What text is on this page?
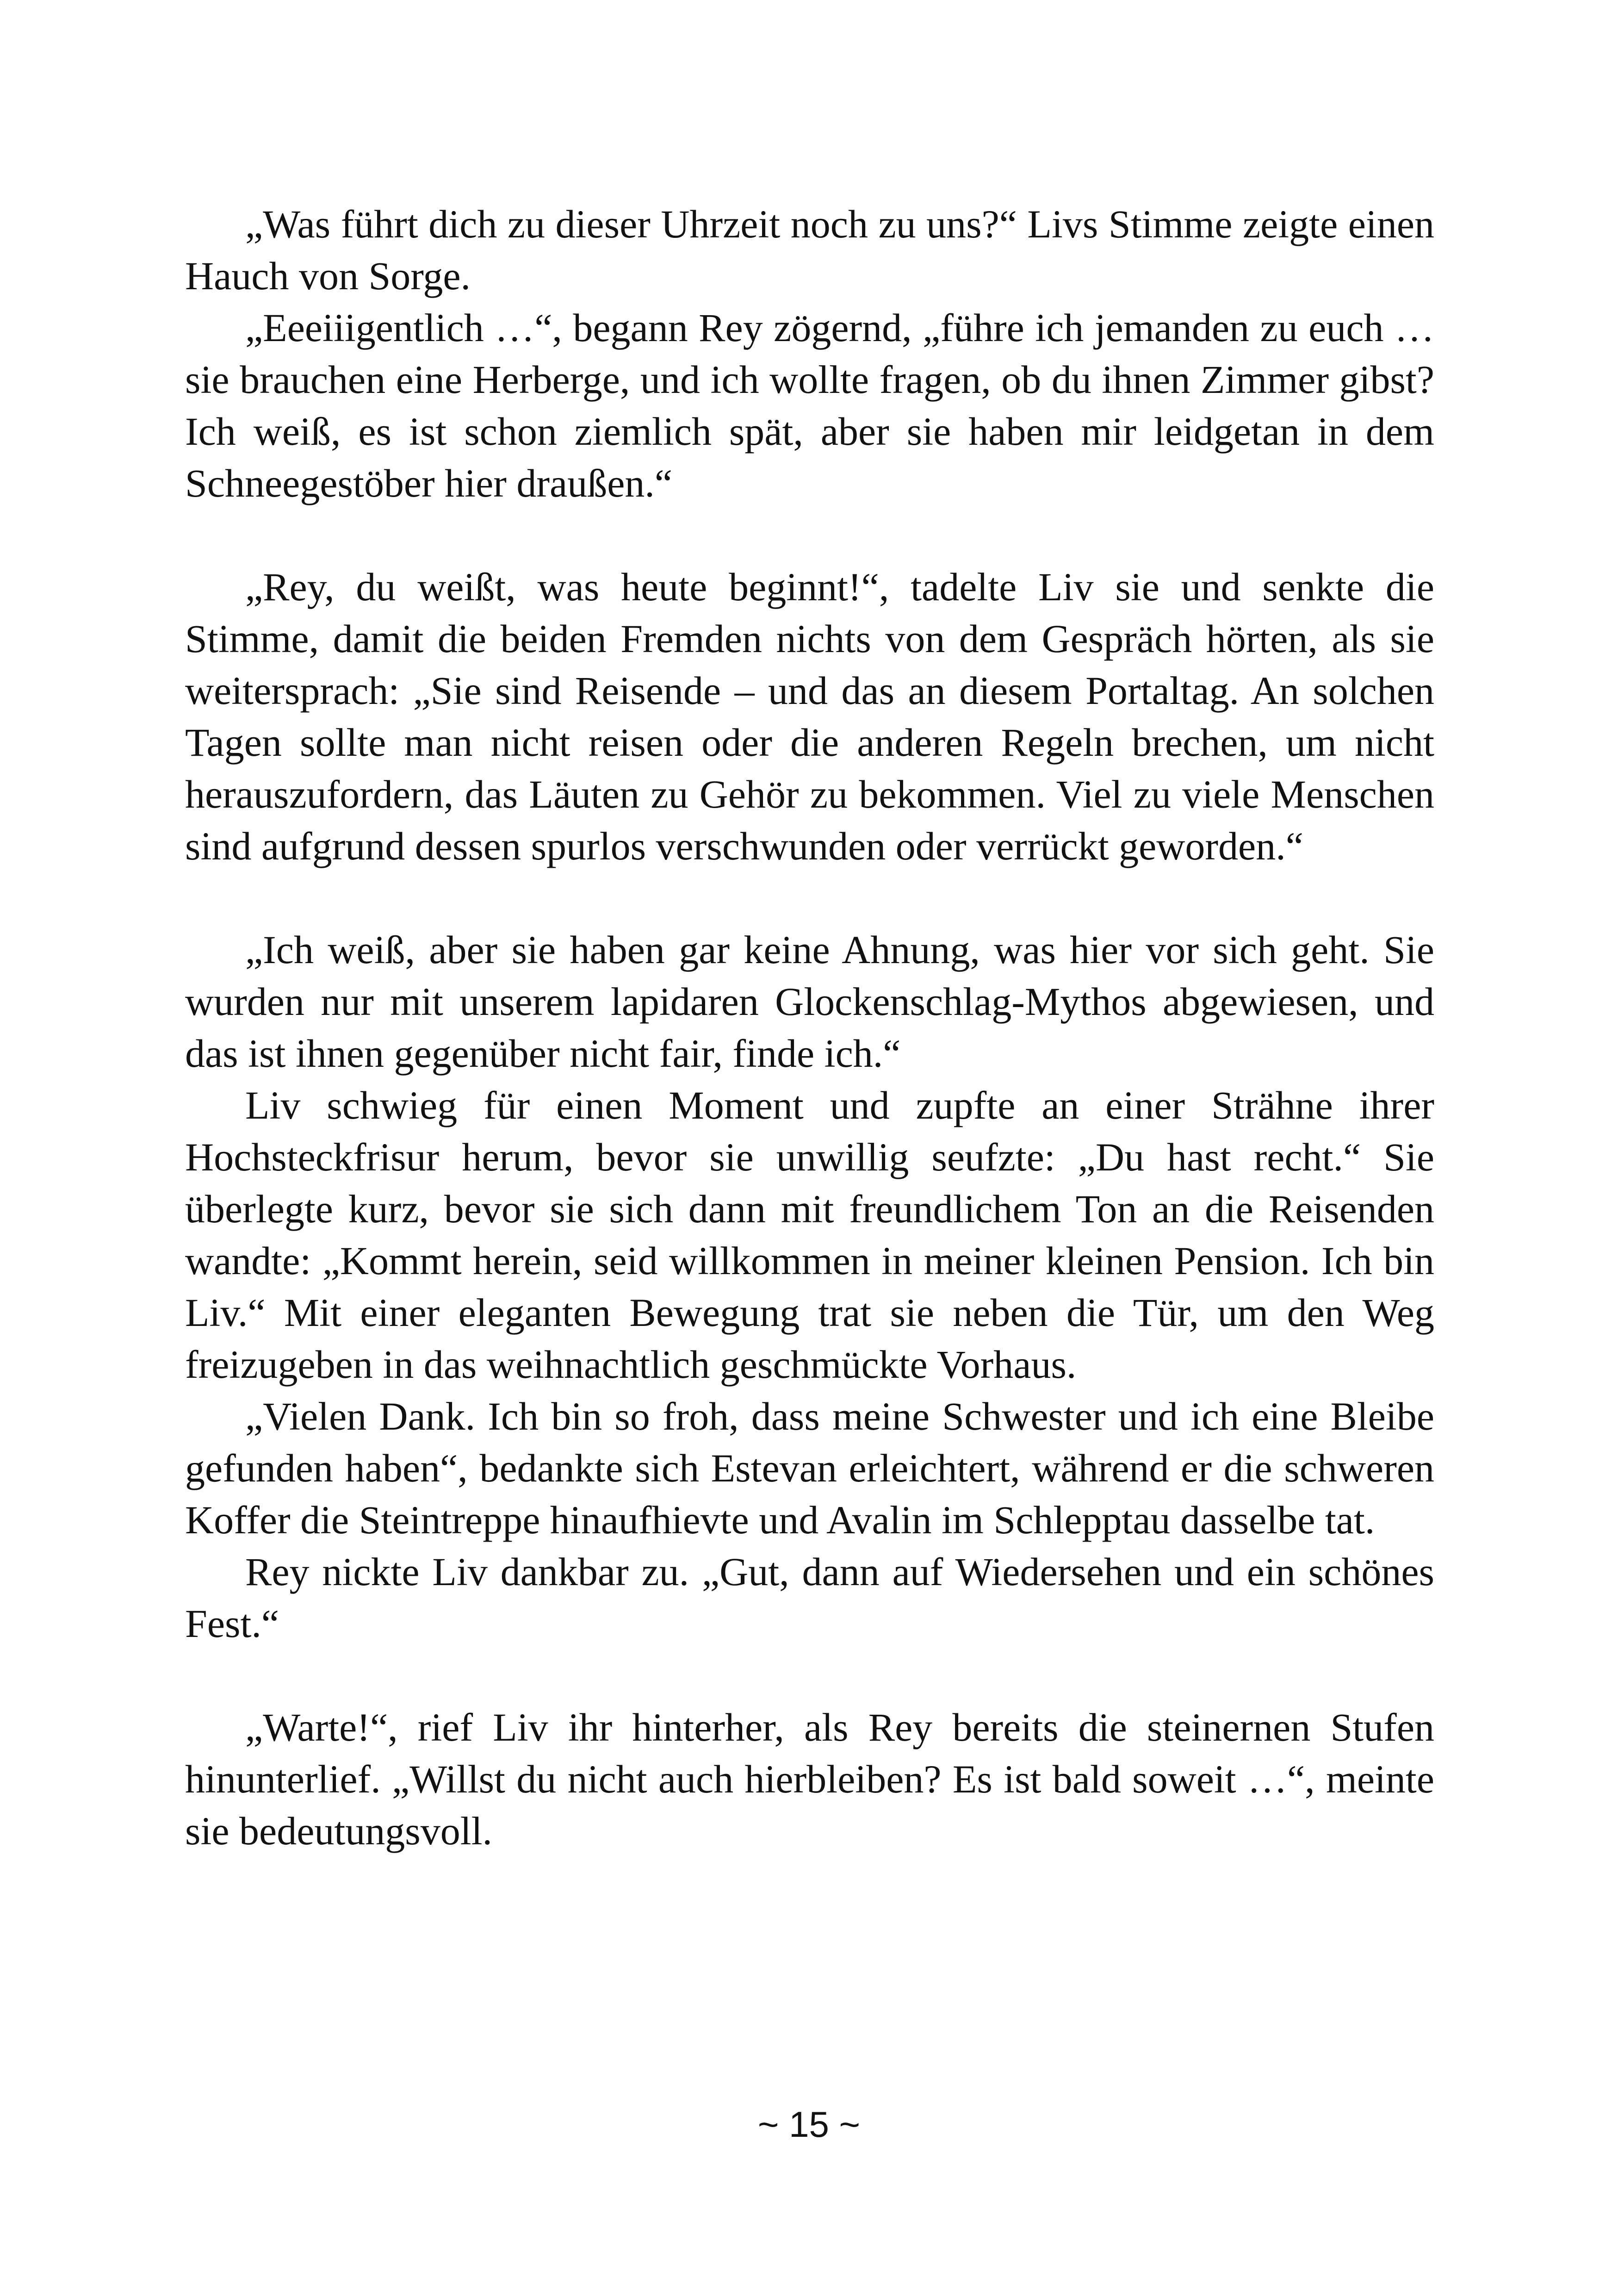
„Was führt dich zu dieser Uhrzeit noch zu uns?“ Livs Stimme zeigte einen Hauch von Sorge.

„Eeeiiigentlich …“, begann Rey zögernd, „führe ich jemanden zu euch … sie brauchen eine Herberge, und ich wollte fragen, ob du ihnen Zimmer gibst? Ich weiß, es ist schon ziemlich spät, aber sie haben mir leidgetan in dem Schneegestöber hier draußen.“

„Rey, du weißt, was heute beginnt!“, tadelte Liv sie und senkte die Stimme, damit die beiden Fremden nichts von dem Gespräch hörten, als sie weitersprach: „Sie sind Reisende – und das an diesem Portaltag. An solchen Tagen sollte man nicht reisen oder die anderen Regeln brechen, um nicht herauszufordern, das Läuten zu Gehör zu bekommen. Viel zu viele Menschen sind aufgrund dessen spurlos verschwunden oder verrückt geworden.“

„Ich weiß, aber sie haben gar keine Ahnung, was hier vor sich geht. Sie wurden nur mit unserem lapidaren Glockenschlag-Mythos abgewiesen, und das ist ihnen gegenüber nicht fair, finde ich.“

Liv schwieg für einen Moment und zupfte an einer Strähne ihrer Hochsteckfrisur herum, bevor sie unwillig seufzte: „Du hast recht.“ Sie überlegte kurz, bevor sie sich dann mit freundlichem Ton an die Reisenden wandte: „Kommt herein, seid willkommen in meiner kleinen Pension. Ich bin Liv.“ Mit einer eleganten Bewegung trat sie neben die Tür, um den Weg freizugeben in das weihnachtlich geschmückte Vorhaus.

„Vielen Dank. Ich bin so froh, dass meine Schwester und ich eine Bleibe gefunden haben“, bedankte sich Estevan erleichtert, während er die schweren Koffer die Steintreppe hinaufhievte und Avalin im Schlepptau dasselbe tat.

Rey nickte Liv dankbar zu. „Gut, dann auf Wiedersehen und ein schönes Fest.“

„Warte!“, rief Liv ihr hinterher, als Rey bereits die steinernen Stufen hinunterlief. „Willst du nicht auch hierbleiben? Es ist bald soweit …“, meinte sie bedeutungsvoll.

~ 15 ~
